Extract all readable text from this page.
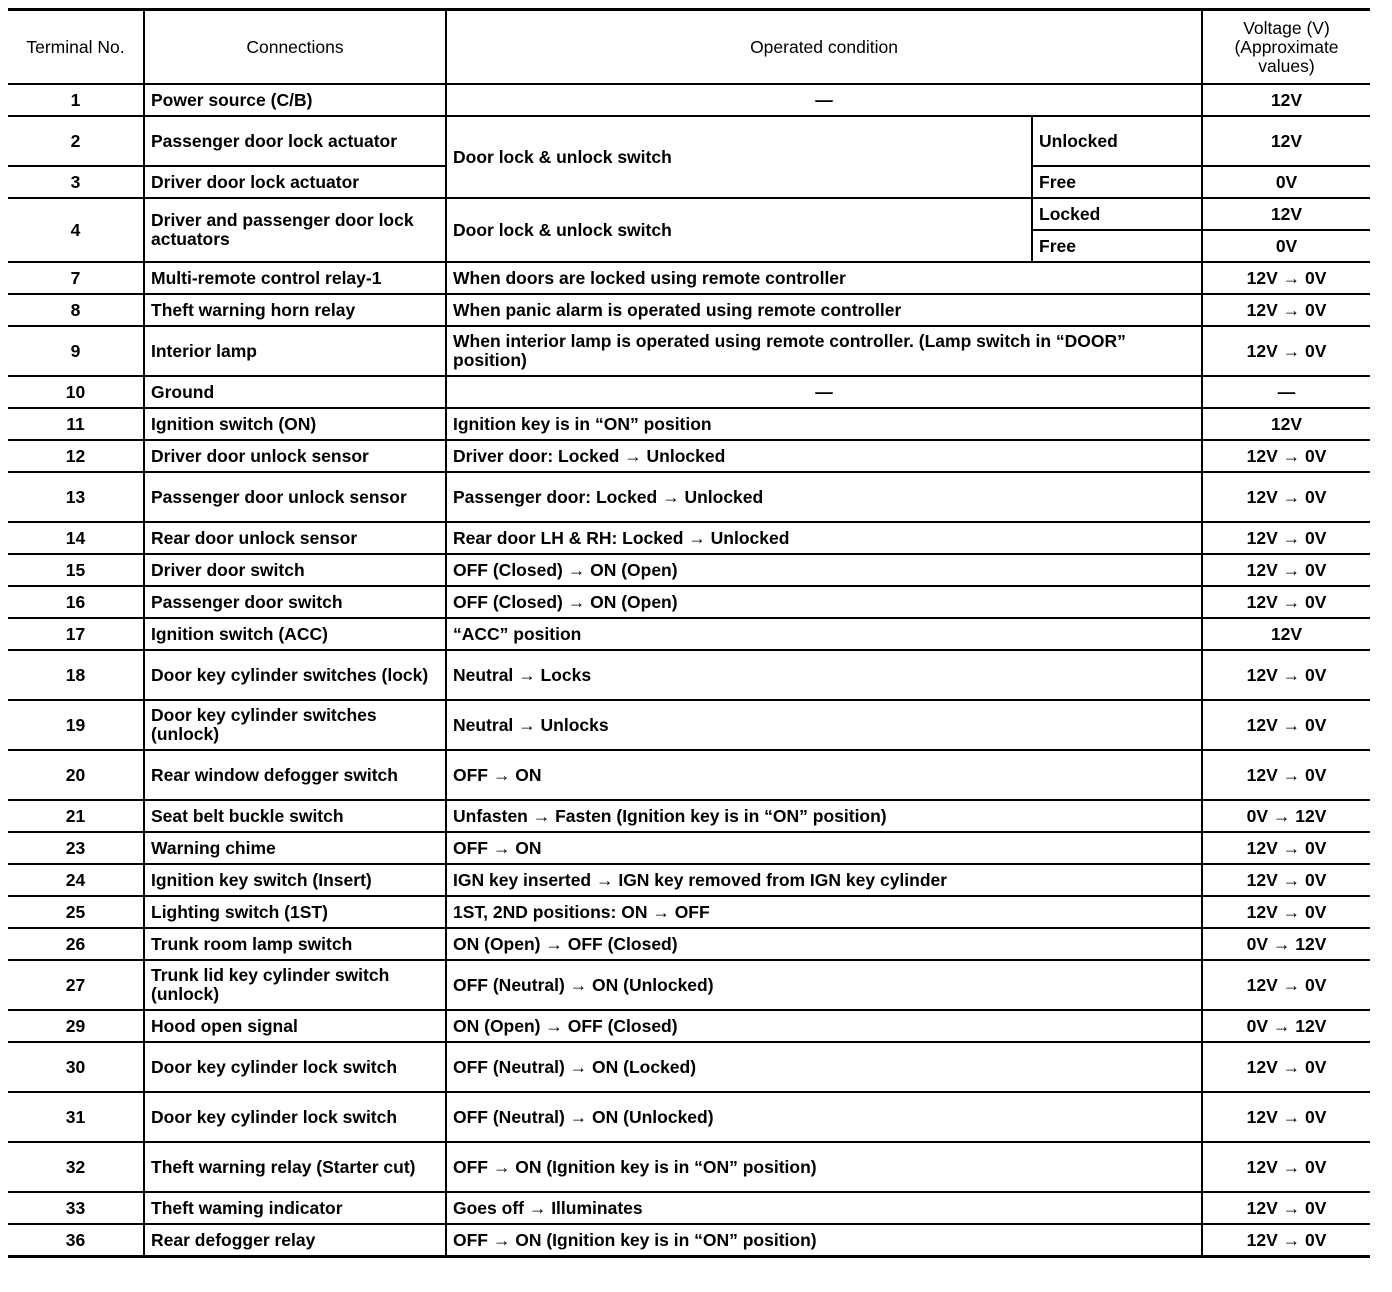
Terminal No.	Connections	Operated condition		Voltage (V) (Approximate values)
1	Power source (C/B)	—		12V
2	Passenger door lock actuator	Door lock & unlock switch	Unlocked	12V
3	Driver door lock actuator		Free	0V
4	Driver and passenger door lock actuators	Door lock & unlock switch	Locked	12V
			Free	0V
7	Multi-remote control relay-1	When doors are locked using remote controller		12V → 0V
8	Theft warning horn relay	When panic alarm is operated using remote controller		12V → 0V
9	Interior lamp	When interior lamp is operated using remote controller. (Lamp switch in “DOOR” position)		12V → 0V
10	Ground	—		—
11	Ignition switch (ON)	Ignition key is in “ON” position		12V
12	Driver door unlock sensor	Driver door: Locked → Unlocked		12V → 0V
13	Passenger door unlock sensor	Passenger door: Locked → Unlocked		12V → 0V
14	Rear door unlock sensor	Rear door LH & RH: Locked → Unlocked		12V → 0V
15	Driver door switch	OFF (Closed) → ON (Open)		12V → 0V
16	Passenger door switch	OFF (Closed) → ON (Open)		12V → 0V
17	Ignition switch (ACC)	“ACC” position		12V
18	Door key cylinder switches (lock)	Neutral → Locks		12V → 0V
19	Door key cylinder switches (unlock)	Neutral → Unlocks		12V → 0V
20	Rear window defogger switch	OFF → ON		12V → 0V
21	Seat belt buckle switch	Unfasten → Fasten (Ignition key is in “ON” position)		0V → 12V
23	Warning chime	OFF → ON		12V → 0V
24	Ignition key switch (Insert)	IGN key inserted → IGN key removed from IGN key cylinder		12V → 0V
25	Lighting switch (1ST)	1ST, 2ND positions: ON → OFF		12V → 0V
26	Trunk room lamp switch	ON (Open) → OFF (Closed)		0V → 12V
27	Trunk lid key cylinder switch (unlock)	OFF (Neutral) → ON (Unlocked)		12V → 0V
29	Hood open signal	ON (Open) → OFF (Closed)		0V → 12V
30	Door key cylinder lock switch	OFF (Neutral) → ON (Locked)		12V → 0V
31	Door key cylinder lock switch	OFF (Neutral) → ON (Unlocked)		12V → 0V
32	Theft warning relay (Starter cut)	OFF → ON (Ignition key is in “ON” position)		12V → 0V
33	Theft waming indicator	Goes off → Illuminates		12V → 0V
36	Rear defogger relay	OFF → ON (Ignition key is in “ON” position)		12V → 0V
